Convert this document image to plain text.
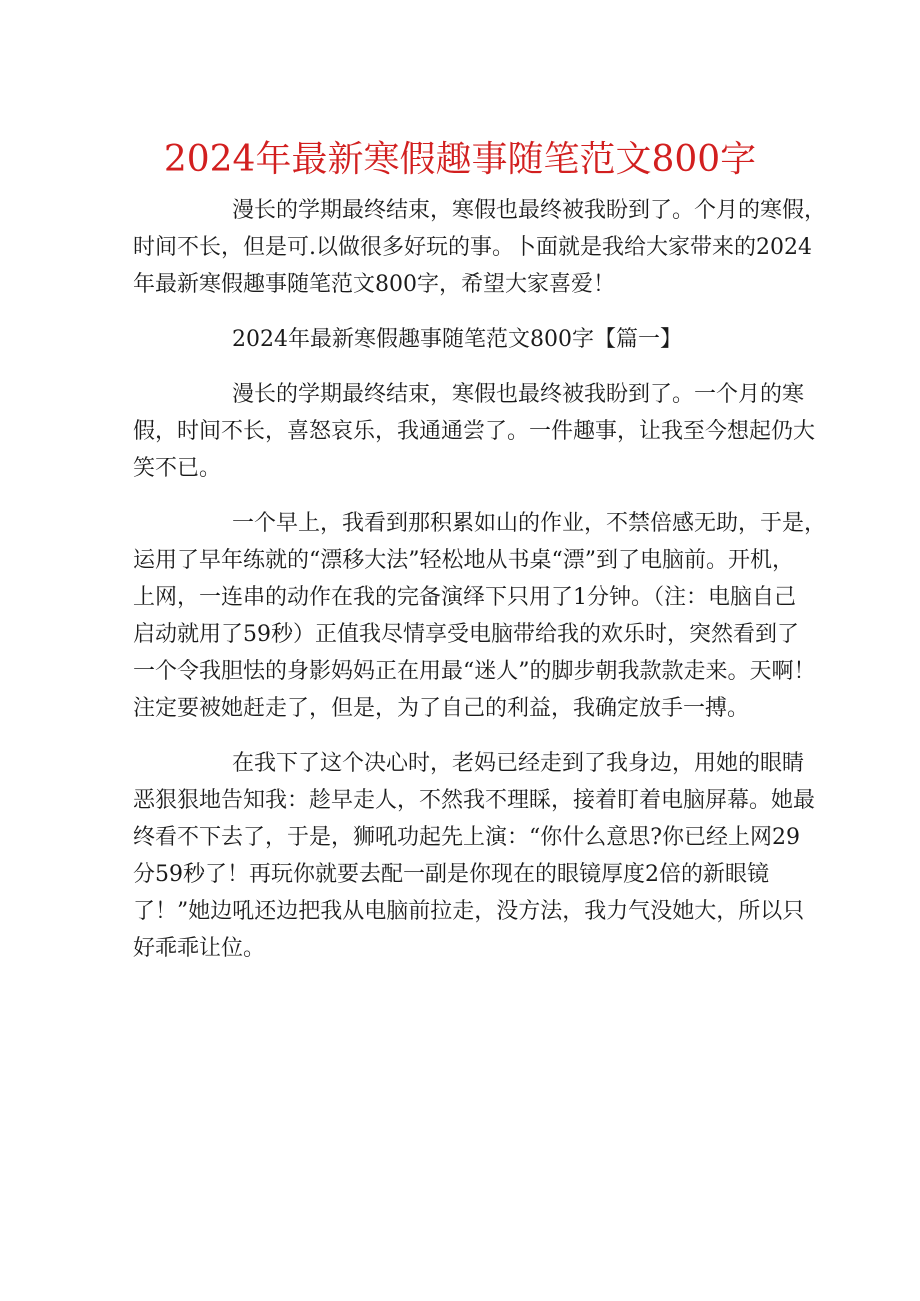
2024年最新寒假趣事随笔范文800字
漫长的学期最终结束，寒假也最终被我盼到了。个月的寒假，
时间不长，但是可.以做很多好玩的事。卜面就是我给大家带来的2024
年最新寒假趣事随笔范文800字，希望大家喜爱！
2024年最新寒假趣事随笔范文800字【篇一】
漫长的学期最终结束，寒假也最终被我盼到了。一个月的寒
假，时间不长，喜怒哀乐，我通通尝了。一件趣事，让我至今想起仍大
笑不已。
一个早上，我看到那积累如山的作业，不禁倍感无助，于是，
运用了早年练就的“漂移大法”轻松地从书桌“漂”到了电脑前。开机，
上网，一连串的动作在我的完备演绎下只用了1分钟。（注：电脑自己
启动就用了59秒）正值我尽情享受电脑带给我的欢乐时，突然看到了
一个令我胆怯的身影妈妈正在用最“迷人”的脚步朝我款款走来。天啊！
注定要被她赶走了，但是，为了自己的利益，我确定放手一搏。
在我下了这个决心时，老妈已经走到了我身边，用她的眼睛
恶狠狠地告知我：趁早走人，不然我不理睬，接着盯着电脑屏幕。她最
终看不下去了，于是，狮吼功起先上演：“你什么意思?你已经上网29
分59秒了！再玩你就要去配一副是你现在的眼镜厚度2倍的新眼镜
了！”她边吼还边把我从电脑前拉走，没方法，我力气没她大，所以只
好乖乖让位。
